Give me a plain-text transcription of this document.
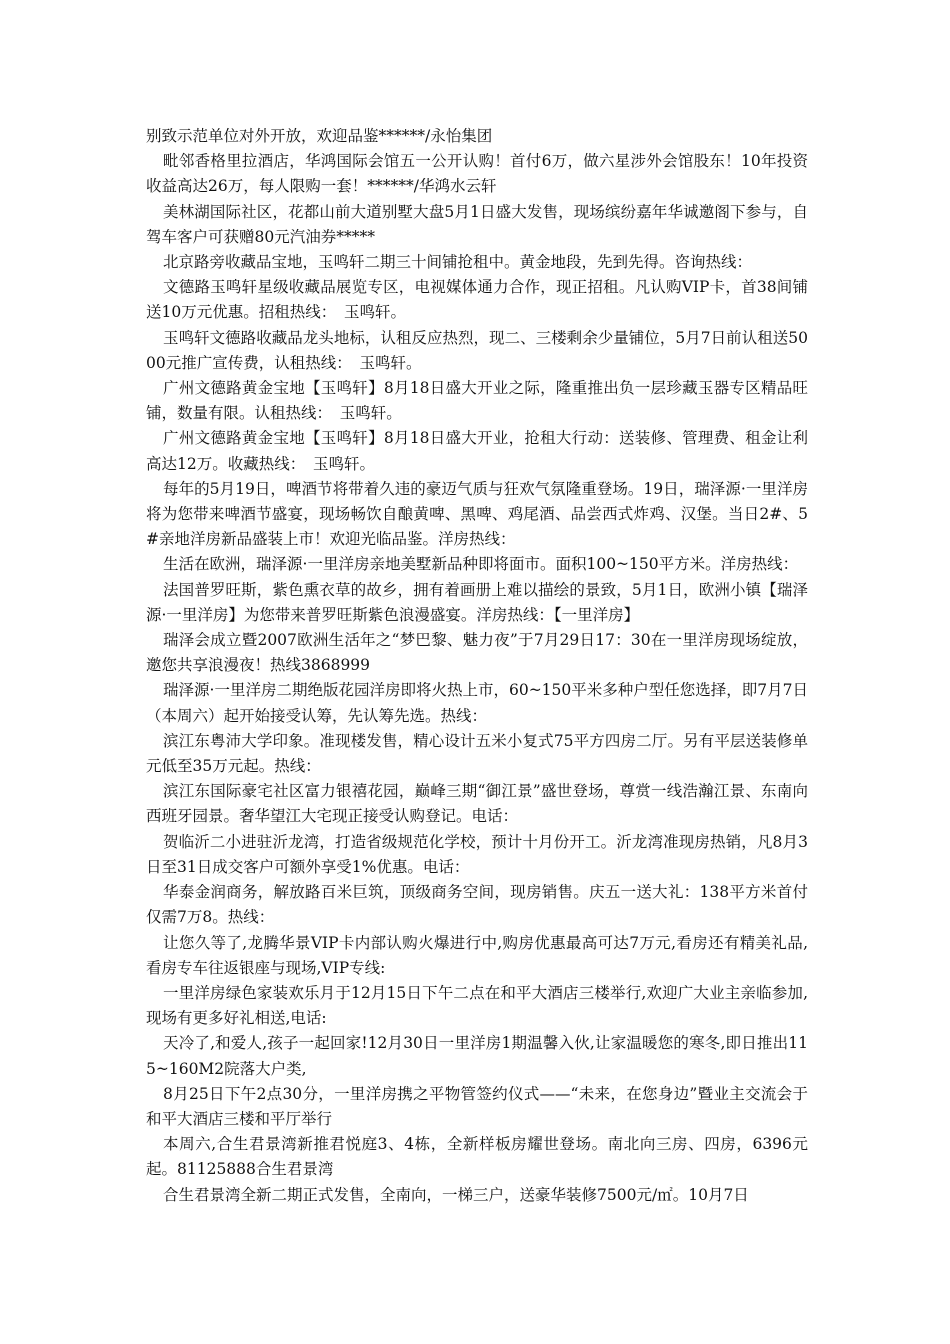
别致示范单位对外开放，欢迎品鉴******/永怡集团

毗邻香格里拉酒店，华鸿国际会馆五一公开认购！首付6万，做六星涉外会馆股东！10年投资收益高达26万，每人限购一套！******/华鸿水云轩

美林湖国际社区，花都山前大道别墅大盘5月1日盛大发售，现场缤纷嘉年华诚邀阁下参与，自驾车客户可获赠80元汽油券*****

北京路旁收藏品宝地，玉鸣轩二期三十间铺抢租中。黄金地段，先到先得。咨询热线：

文德路玉鸣轩星级收藏品展览专区，电视媒体通力合作，现正招租。凡认购VIP卡，首38间铺送10万元优惠。招租热线：　玉鸣轩。

玉鸣轩文德路收藏品龙头地标，认租反应热烈，现二、三楼剩余少量铺位，5月7日前认租送5000元推广宣传费，认租热线：　玉鸣轩。

广州文德路黄金宝地【玉鸣轩】8月18日盛大开业之际，隆重推出负一层珍藏玉器专区精品旺铺，数量有限。认租热线：　玉鸣轩。

广州文德路黄金宝地【玉鸣轩】8月18日盛大开业，抢租大行动：送装修、管理费、租金让利高达12万。收藏热线：　玉鸣轩。

每年的5月19日，啤酒节将带着久违的豪迈气质与狂欢气氛隆重登场。19日，瑞泽源·一里洋房将为您带来啤酒节盛宴，现场畅饮自酿黄啤、黑啤、鸡尾酒、品尝西式炸鸡、汉堡。当日2#、5#亲地洋房新品盛装上市！欢迎光临品鉴。洋房热线：

生活在欧洲，瑞泽源·一里洋房亲地美墅新品种即将面市。面积100~150平方米。洋房热线：

法国普罗旺斯，紫色熏衣草的故乡，拥有着画册上难以描绘的景致，5月1日，欧洲小镇【瑞泽源·一里洋房】为您带来普罗旺斯紫色浪漫盛宴。洋房热线：【一里洋房】

瑞泽会成立暨2007欧洲生活年之“梦巴黎、魅力夜”于7月29日17：30在一里洋房现场绽放，邀您共享浪漫夜！热线3868999

瑞泽源·一里洋房二期绝版花园洋房即将火热上市，60~150平米多种户型任您选择，即7月7日（本周六）起开始接受认筹，先认筹先选。热线：

滨江东粤沛大学印象。准现楼发售，精心设计五米小复式75平方四房二厅。另有平层送装修单元低至35万元起。热线：

滨江东国际豪宅社区富力银禧花园，巅峰三期“御江景”盛世登场，尊赏一线浩瀚江景、东南向西班牙园景。奢华望江大宅现正接受认购登记。电话：

贺临沂二小进驻沂龙湾，打造省级规范化学校，预计十月份开工。沂龙湾准现房热销，凡8月3日至31日成交客户可额外享受1%优惠。电话：

华泰金润商务，解放路百米巨筑，顶级商务空间，现房销售。庆五一送大礼：138平方米首付仅需7万8。热线：

让您久等了,龙腾华景VIP卡内部认购火爆进行中,购房优惠最高可达7万元,看房还有精美礼品,看房专车往返银座与现场,VIP专线:

一里洋房绿色家装欢乐月于12月15日下午二点在和平大酒店三楼举行,欢迎广大业主亲临参加,现场有更多好礼相送,电话:

天冷了,和爱人,孩子一起回家!12月30日一里洋房1期温馨入伙,让家温暖您的寒冬,即日推出115~160M2院落大户类,

8月25日下午2点30分，一里洋房携之平物管签约仪式——“未来，在您身边”暨业主交流会于和平大酒店三楼和平厅举行

本周六,合生君景湾新推君悦庭3、4栋，全新样板房耀世登场。南北向三房、四房，6396元起。81125888合生君景湾

合生君景湾全新二期正式发售，全南向，一梯三户，送豪华装修7500元/㎡。10月7日
